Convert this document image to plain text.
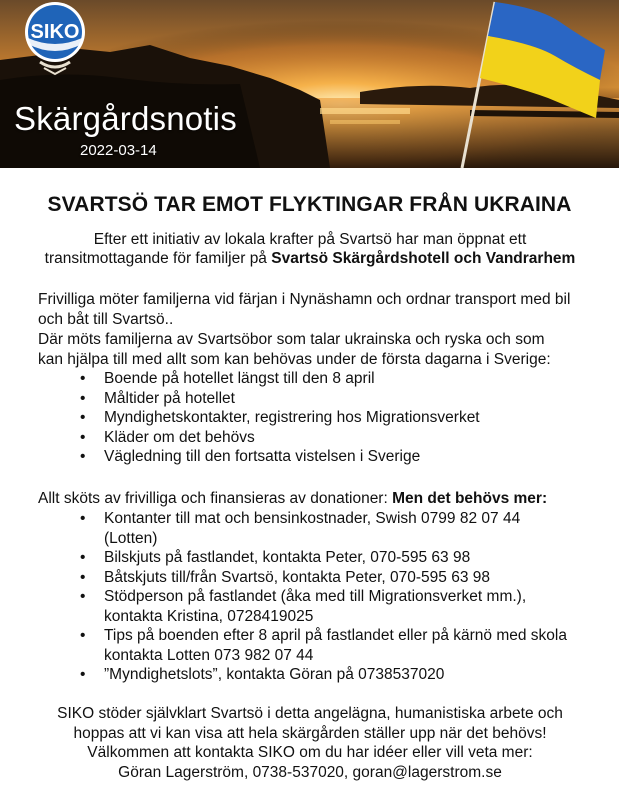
SIKO
Skärgårdsnotis
2022-03-14
SVARTSÖ TAR EMOT FLYKTINGAR FRÅN UKRAINA
Efter ett initiativ av lokala krafter på Svartsö har man öppnat ett
transitmottagande för familjer på Svartsö Skärgårdshotell och Vandrarhem
Frivilliga möter familjerna vid färjan i Nynäshamn och ordnar transport med bil
och båt till Svartsö..
Där möts familjerna av Svartsöbor som talar ukrainska och ryska och som
kan hjälpa till med allt som kan behövas under de första dagarna i Sverige:
• Boende på hotellet längst till den 8 april
• Måltider på hotellet
• Myndighetskontakter, registrering hos Migrationsverket
• Kläder om det behövs
• Vägledning till den fortsatta vistelsen i Sverige
Allt sköts av frivilliga och finansieras av donationer: Men det behövs mer:
• Kontanter till mat och bensinkostnader, Swish 0799 82 07 44
(Lotten)
• Bilskjuts på fastlandet, kontakta Peter, 070-595 63 98
• Båtskjuts till/från Svartsö, kontakta Peter, 070-595 63 98
• Stödperson på fastlandet (åka med till Migrationsverket mm.),
kontakta Kristina, 0728419025
• Tips på boenden efter 8 april på fastlandet eller på kärnö med skola
kontakta Lotten 073 982 07 44
• ”Myndighetslots”, kontakta Göran på 0738537020
SIKO stöder självklart Svartsö i detta angelägna, humanistiska arbete och
hoppas att vi kan visa att hela skärgården ställer upp när det behövs!
Välkommen att kontakta SIKO om du har idéer eller vill veta mer:
Göran Lagerström, 0738-537020, goran@lagerstrom.se
